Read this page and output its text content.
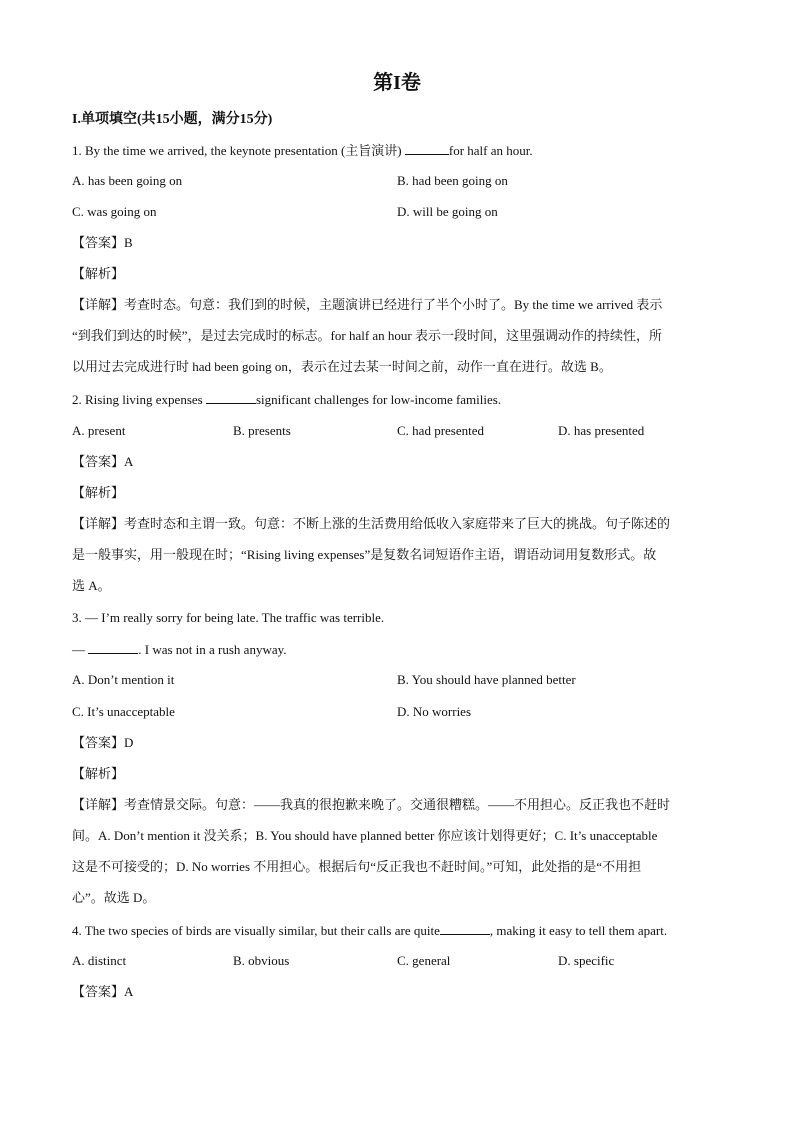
第I卷
I.单项填空(共15小题，满分15分)
1. By the time we arrived, the keynote presentation (主旨演讲)	for half an hour.
A. has been going on	B. had been going on
C. was going on	D. will be going on
【答案】B
【解析】
【详解】考查时态。句意：我们到的时候，主题演讲已经进行了半个小时了。By the time we arrived 表示
“到我们到达的时候”，是过去完成时的标志。for half an hour 表示一段时间，这里强调动作的持续性，所
以用过去完成进行时 had been going on，表示在过去某一时间之前，动作一直在进行。故选 B。
2. Rising living expenses	significant challenges for low-income families.
A. present	B. presents	C. had presented	D. has presented
【答案】A
【解析】
【详解】考查时态和主谓一致。句意：不断上涨的生活费用给低收入家庭带来了巨大的挑战。句子陈述的
是一般事实，用一般现在时；“Rising living expenses”是复数名词短语作主语，谓语动词用复数形式。故
选 A。
3. — I’m really sorry for being late. The traffic was terrible.
—	. I was not in a rush anyway.
A. Don’t mention it	B. You should have planned better
C. It’s unacceptable	D. No worries
【答案】D
【解析】
【详解】考查情景交际。句意：——我真的很抱歉来晚了。交通很糟糕。——不用担心。反正我也不赶时
间。A. Don’t mention it 没关系；B. You should have planned better 你应该计划得更好；C. It’s unacceptable
这是不可接受的；D. No worries 不用担心。根据后句“反正我也不赶时间。”可知，此处指的是“不用担
心”。故选 D。
4. The two species of birds are visually similar, but their calls are quite	, making it easy to tell them apart.
A. distinct	B. obvious	C. general	D. specific
【答案】A
